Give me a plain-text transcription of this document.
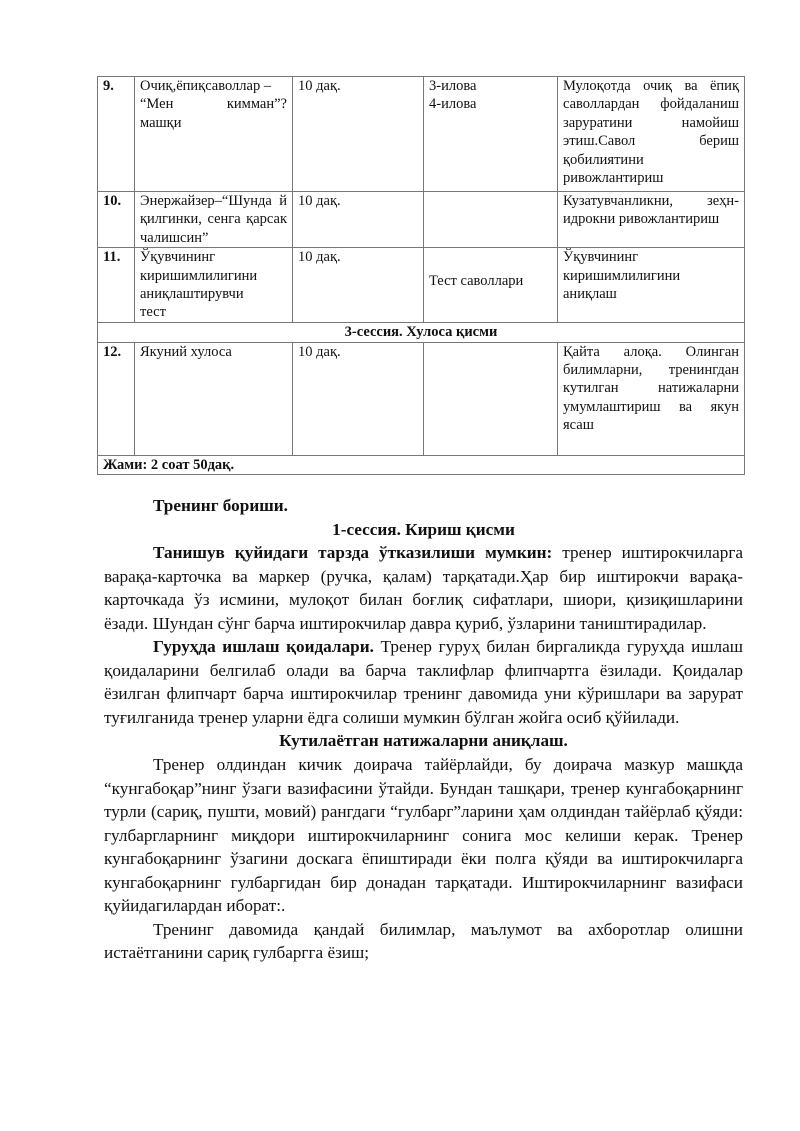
9.	Очиқ,ёпиқсаволлар –
“Мен кимман”?
машқи	10 дақ.	3-илова
4-илова	Мулоқотда очиқ ва ёпиқ саволлардан фойдаланиш заруратини намойиш этиш.Савол бериш қобилиятини ривожлантириш
10.	Энержайзер–“Шунда й қилгинки, сенга қарсак чалишсин”	10 дақ.		Кузатувчанликни, зеҳн-идрокни ривожлантириш
11.	Ўқувчининг
киришимлилигини
аниқлаштирувчи
тест	10 дақ.	Тест саволлари	Ўқувчининг
киришимлилигини
аниқлаш

3-сессия. Хулоса қисми				
12.	Якуний хулоса	10 дақ.		Қайта алоқа. Олинган билимларни, тренингдан кутилган натижаларни умумлаштириш ва якун ясаш
Жами: 2 соат 50дақ.				

Тренинг бориши.

1-сессия. Кириш қисми

Танишув қуйидаги тарзда ўтказилиши мумкин: тренер иштирокчиларга варақа-карточка ва маркер (ручка, қалам) тарқатади.Ҳар бир иштирокчи варақа-карточкада ўз исмини, мулоқот билан боғлиқ сифатлари, шиори, қизиқишларини ёзади. Шундан сўнг барча иштирокчилар давра қуриб, ўзларини таништирадилар.

Гуруҳда ишлаш қоидалари. Тренер гуруҳ билан биргаликда гуруҳда ишлаш қоидаларини белгилаб олади ва барча таклифлар флипчартга ёзилади. Қоидалар ёзилган флипчарт барча иштирокчилар тренинг давомида уни кўришлари ва зарурат туғилганида тренер уларни ёдга солиши мумкин бўлган жойга осиб қўйилади.

Кутилаётган натижаларни аниқлаш.

Тренер олдиндан кичик доирача тайёрлайди, бу доирача мазкур машқда “кунгабоқар”нинг ўзаги вазифасини ўтайди. Бундан ташқари, тренер кунгабоқарнинг турли (сариқ, пушти, мовий) рангдаги “гулбарг”ларини ҳам олдиндан тайёрлаб қўяди: гулбаргларнинг миқдори иштирокчиларнинг сонига мос келиши керак. Тренер кунгабоқарнинг ўзагини доскага ёпиштиради ёки полга қўяди ва иштирокчиларга кунгабоқарнинг гулбаргидан бир донадан тарқатади. Иштирокчиларнинг вазифаси қуйидагилардан иборат:.

Тренинг давомида қандай билимлар, маълумот ва ахборотлар олишни истаётганини сариқ гулбаргга ёзиш;
